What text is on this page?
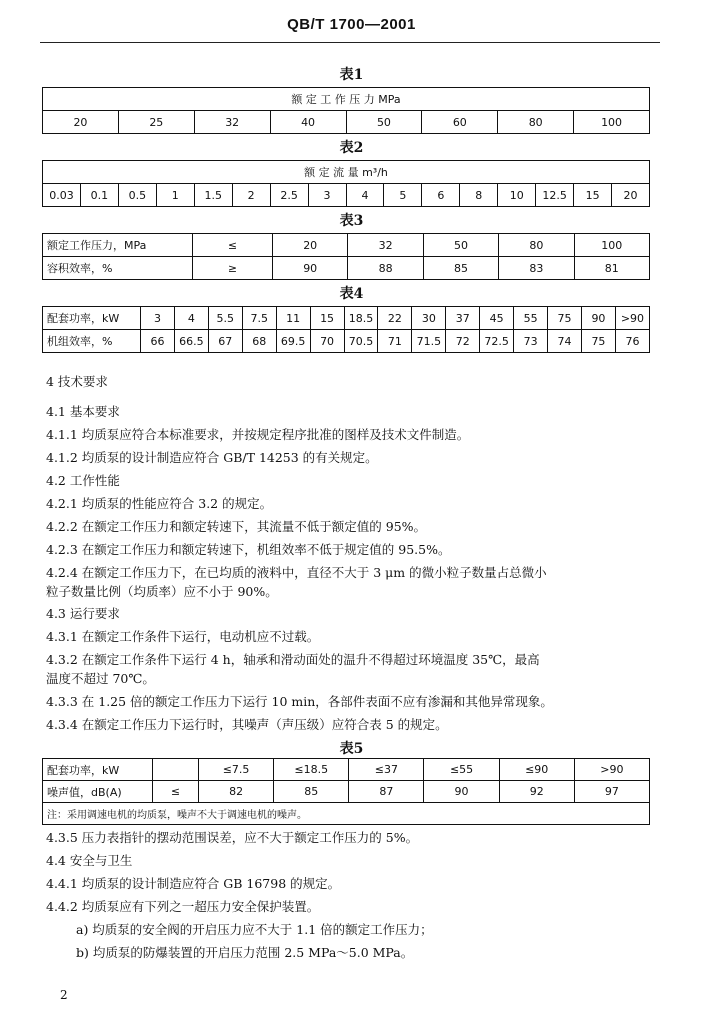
QB/T 1700—2001
表1
额 定 工 作 压 力 MPa
20	25	32	40	50	60	80	100
表2
额 定 流 量 m³/h
0.03	0.1	0.5	1	1.5	2	2.5	3	4	5	6	8	10	12.5	15	20
表3
额定工作压力，MPa	≤	20	32	50	80	100
容积效率，%	≥	90	88	85	83	81
表4
配套功率，kW	3	4	5.5	7.5	11	15	18.5	22	30	37	45	55	75	90	>90
机组效率，%	66	66.5	67	68	69.5	70	70.5	71	71.5	72	72.5	73	74	75	76
4 技术要求
4.1 基本要求
4.1.1 均质泵应符合本标准要求，并按规定程序批准的图样及技术文件制造。
4.1.2 均质泵的设计制造应符合 GB/T 14253 的有关规定。
4.2 工作性能
4.2.1 均质泵的性能应符合 3.2 的规定。
4.2.2 在额定工作压力和额定转速下，其流量不低于额定值的 95%。
4.2.3 在额定工作压力和额定转速下，机组效率不低于规定值的 95.5%。
4.2.4 在额定工作压力下，在已均质的液料中，直径不大于 3 μm 的微小粒子数量占总微小
粒子数量比例（均质率）应不小于 90%。
4.3 运行要求
4.3.1 在额定工作条件下运行，电动机应不过载。
4.3.2 在额定工作条件下运行 4 h，轴承和滑动面处的温升不得超过环境温度 35℃，最高
温度不超过 70℃。
4.3.3 在 1.25 倍的额定工作压力下运行 10 min，各部件表面不应有渗漏和其他异常现象。
4.3.4 在额定工作压力下运行时，其噪声（声压级）应符合表 5 的规定。
表5
配套功率，kW		≤7.5	≤18.5	≤37	≤55	≤90	>90
噪声值，dB(A)	≤	82	85	87	90	92	97
注：采用调速电机的均质泵，噪声不大于调速电机的噪声。							
4.3.5 压力表指针的摆动范围误差，应不大于额定工作压力的 5%。
4.4 安全与卫生
4.4.1 均质泵的设计制造应符合 GB 16798 的规定。
4.4.2 均质泵应有下列之一超压力安全保护装置。
a) 均质泵的安全阀的开启压力应不大于 1.1 倍的额定工作压力；
b) 均质泵的防爆装置的开启压力范围 2.5 MPa～5.0 MPa。
2
